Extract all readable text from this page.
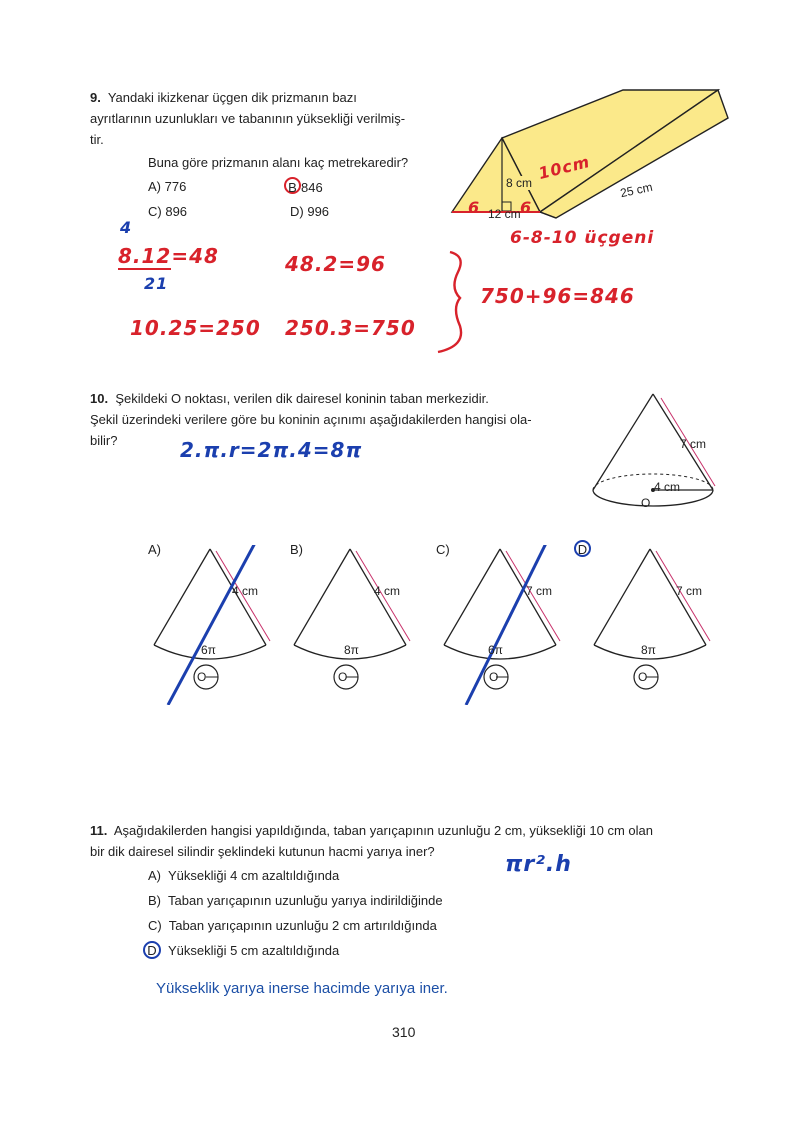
9. Yandaki ikizkenar üçgen dik prizmanın bazı
ayrıtlarının uzunlukları ve tabanının yüksekliği verilmiş-
tir.
Buna göre prizmanın alanı kaç metrekaredir?
A) 776	B 846
C) 896	D) 996
8 cm
12 cm
25 cm
6 6
10cm
6-8-10 üçgeni
4
8.12=48
21
48.2=96
10.25=250 250.3=750
750+96=846
10. Şekildeki O noktası, verilen dik dairesel koninin taban merkezidir.
Şekil üzerindeki verilere göre bu koninin açınımı aşağıdakilerden hangisi ola-
bilir?	2.π.r=2π.4=8π	7 cm
4 cm
O
A)
4 cm
6π
O
B)
4 cm
8π
O
C)
7 cm
6π
O
D
7 cm
8π
O
11. Aşağıdakilerden hangisi yapıldığında, taban yarıçapının uzunluğu 2 cm, yüksekliği 10 cm olan
bir dik dairesel silindir şeklindeki kutunun hacmi yarıya iner?
πr².h
A) Yüksekliği 4 cm azaltıldığında
B) Taban yarıçapının uzunluğu yarıya indirildiğinde
C) Taban yarıçapının uzunluğu 2 cm artırıldığında
D Yüksekliği 5 cm azaltıldığında
Yükseklik yarıya inerse hacimde yarıya iner.
310
